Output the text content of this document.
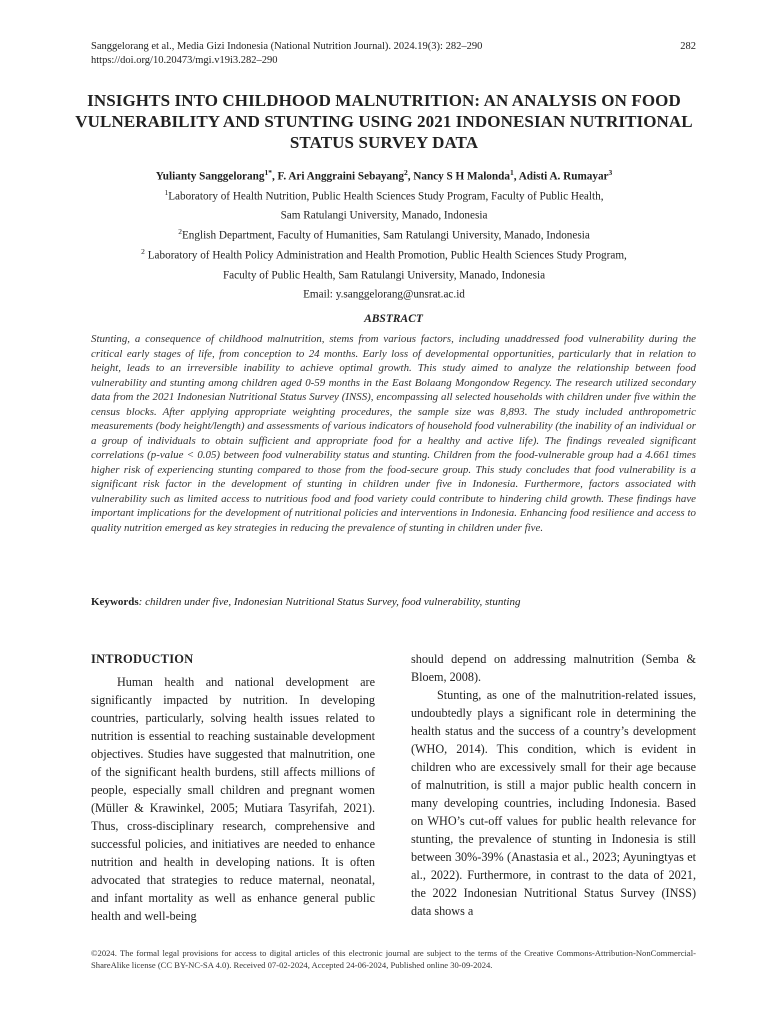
Sanggelorang et al., Media Gizi Indonesia (National Nutrition Journal). 2024.19(3): 282–290
https://doi.org/10.20473/mgi.v19i3.282–290
282
INSIGHTS INTO CHILDHOOD MALNUTRITION: AN ANALYSIS ON FOOD VULNERABILITY AND STUNTING USING 2021 INDONESIAN NUTRITIONAL STATUS SURVEY DATA
Yulianty Sanggelorang$^{1*}$, F. Ari Anggraini Sebayang$^2$, Nancy S H Malonda$^1$, Adisti A. Rumayar$^3$
$^1$Laboratory of Health Nutrition, Public Health Sciences Study Program, Faculty of Public Health,
Sam Ratulangi University, Manado, Indonesia
$^2$English Department, Faculty of Humanities, Sam Ratulangi University, Manado, Indonesia
$^2$ Laboratory of Health Policy Administration and Health Promotion, Public Health Sciences Study Program,
Faculty of Public Health, Sam Ratulangi University, Manado, Indonesia
Email: y.sanggelorang@unsrat.ac.id
ABSTRACT
Stunting, a consequence of childhood malnutrition, stems from various factors, including unaddressed food vulnerability during the critical early stages of life, from conception to 24 months. Early loss of developmental opportunities, particularly that in relation to height, leads to an irreversible inability to achieve optimal growth. This study aimed to analyze the relationship between food vulnerability and stunting among children aged 0-59 months in the East Bolaang Mongondow Regency. The research utilized secondary data from the 2021 Indonesian Nutritional Status Survey (INSS), encompassing all selected households with children under five within the census blocks. After applying appropriate weighting procedures, the sample size was 8,893. The study included anthropometric measurements (body height/length) and assessments of various indicators of household food vulnerability (the inability of an individual or a group of individuals to obtain sufficient and appropriate food for a healthy and active life). The findings revealed significant correlations (p-value < 0.05) between food vulnerability status and stunting. Children from the food-vulnerable group had a 4.661 times higher risk of experiencing stunting compared to those from the food-secure group. This study concludes that food vulnerability is a significant risk factor in the development of stunting in children under five in Indonesia. Furthermore, factors associated with vulnerability such as limited access to nutritious food and food variety could contribute to hindering child growth. These findings have important implications for the development of nutritional policies and interventions in Indonesia. Enhancing food resilience and access to quality nutrition emerged as key strategies in reducing the prevalence of stunting in children under five.
Keywords: children under five, Indonesian Nutritional Status Survey, food vulnerability, stunting
INTRODUCTION

Human health and national development are significantly impacted by nutrition. In developing countries, particularly, solving health issues related to nutrition is essential to reaching sustainable development objectives. Studies have suggested that malnutrition, one of the significant health burdens, still affects millions of people, especially small children and pregnant women (Müller & Krawinkel, 2005; Mutiara Tasyrifah, 2021). Thus, cross-disciplinary research, comprehensive and successful policies, and initiatives are needed to enhance nutrition and health in developing nations. It is often advocated that strategies to reduce maternal, neonatal, and infant mortality as well as enhance general public health and well-being

should depend on addressing malnutrition (Semba & Bloem, 2008).

Stunting, as one of the malnutrition-related issues, undoubtedly plays a significant role in determining the health status and the success of a country’s development (WHO, 2014). This condition, which is evident in children who are excessively small for their age because of malnutrition, is still a major public health concern in many developing countries, including Indonesia. Based on WHO’s cut-off values for public health relevance for stunting, the prevalence of stunting in Indonesia is still between 30%-39% (Anastasia et al., 2023; Ayuningtyas et al., 2022). Furthermore, in contrast to the data of 2021, the 2022 Indonesian Nutritional Status Survey (INSS) data shows a

©2024. The formal legal provisions for access to digital articles of this electronic journal are subject to the terms of the Creative Commons-Attribution-NonCommercial-ShareAlike license (CC BY-NC-SA 4.0). Received 07-02-2024, Accepted 24-06-2024, Published online 30-09-2024.
